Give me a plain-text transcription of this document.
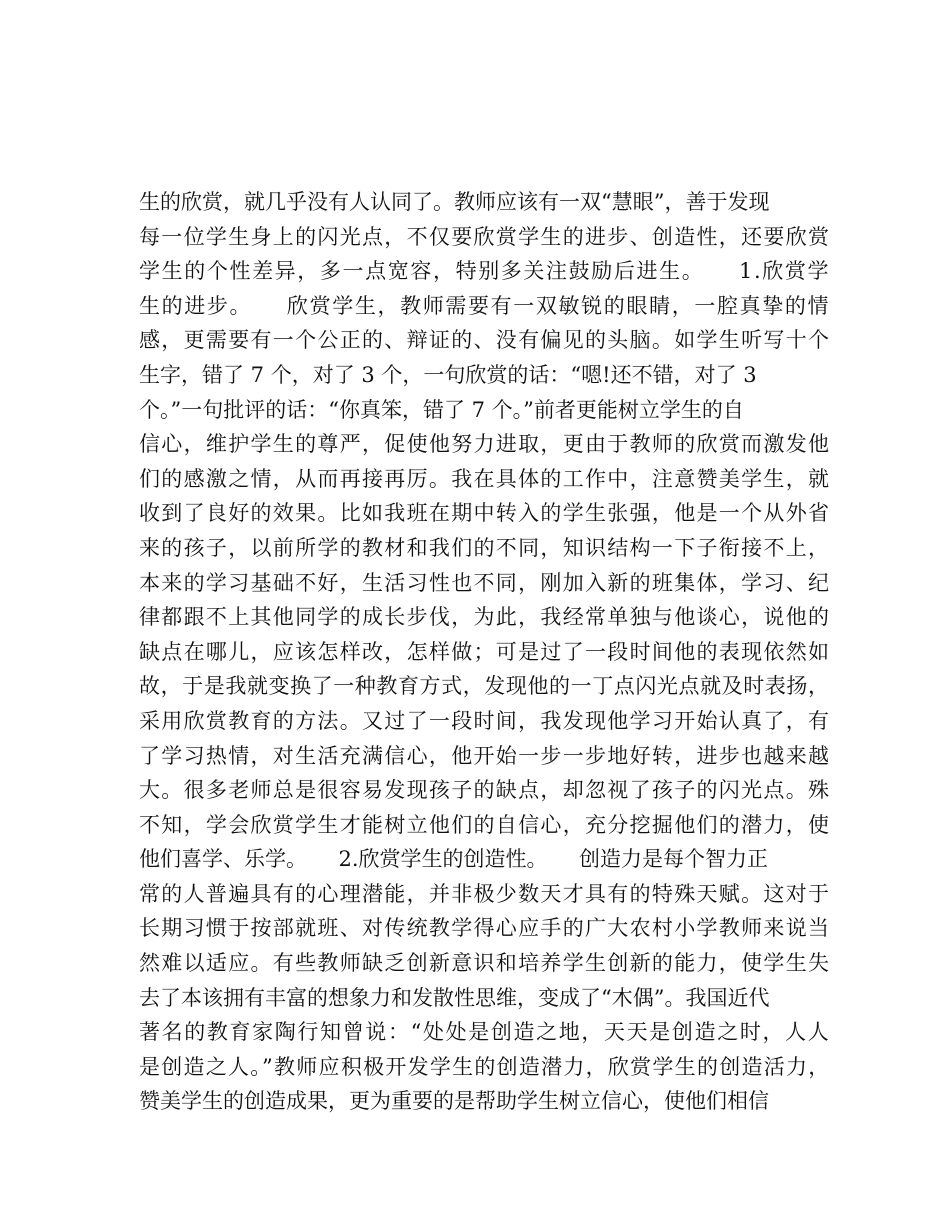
生的欣赏，就几乎没有人认同了。教师应该有一双“慧眼”，善于发现
每一位学生身上的闪光点，不仅要欣赏学生的进步、创造性，还要欣赏
学生的个性差异，多一点宽容，特别多关注鼓励后进生。　　1.欣赏学
生的进步。　　欣赏学生，教师需要有一双敏锐的眼睛，一腔真挚的情
感，更需要有一个公正的、辩证的、没有偏见的头脑。如学生听写十个
生字，错了 7 个，对了 3 个，一句欣赏的话：“嗯!还不错，对了 3
个。”一句批评的话：“你真笨，错了 7 个。”前者更能树立学生的自
信心，维护学生的尊严，促使他努力进取，更由于教师的欣赏而激发他
们的感激之情，从而再接再厉。我在具体的工作中，注意赞美学生，就
收到了良好的效果。比如我班在期中转入的学生张强，他是一个从外省
来的孩子，以前所学的教材和我们的不同，知识结构一下子衔接不上，
本来的学习基础不好，生活习性也不同，刚加入新的班集体，学习、纪
律都跟不上其他同学的成长步伐，为此，我经常单独与他谈心，说他的
缺点在哪儿，应该怎样改，怎样做；可是过了一段时间他的表现依然如
故，于是我就变换了一种教育方式，发现他的一丁点闪光点就及时表扬，
采用欣赏教育的方法。又过了一段时间，我发现他学习开始认真了，有
了学习热情，对生活充满信心，他开始一步一步地好转，进步也越来越
大。很多老师总是很容易发现孩子的缺点，却忽视了孩子的闪光点。殊
不知，学会欣赏学生才能树立他们的自信心，充分挖掘他们的潜力，使
他们喜学、乐学。　　2.欣赏学生的创造性。　　创造力是每个智力正
常的人普遍具有的心理潜能，并非极少数天才具有的特殊天赋。这对于
长期习惯于按部就班、对传统教学得心应手的广大农村小学教师来说当
然难以适应。有些教师缺乏创新意识和培养学生创新的能力，使学生失
去了本该拥有丰富的想象力和发散性思维，变成了“木偶”。我国近代
著名的教育家陶行知曾说：“处处是创造之地，天天是创造之时，人人
是创造之人。”教师应积极开发学生的创造潜力，欣赏学生的创造活力，
赞美学生的创造成果，更为重要的是帮助学生树立信心，使他们相信
